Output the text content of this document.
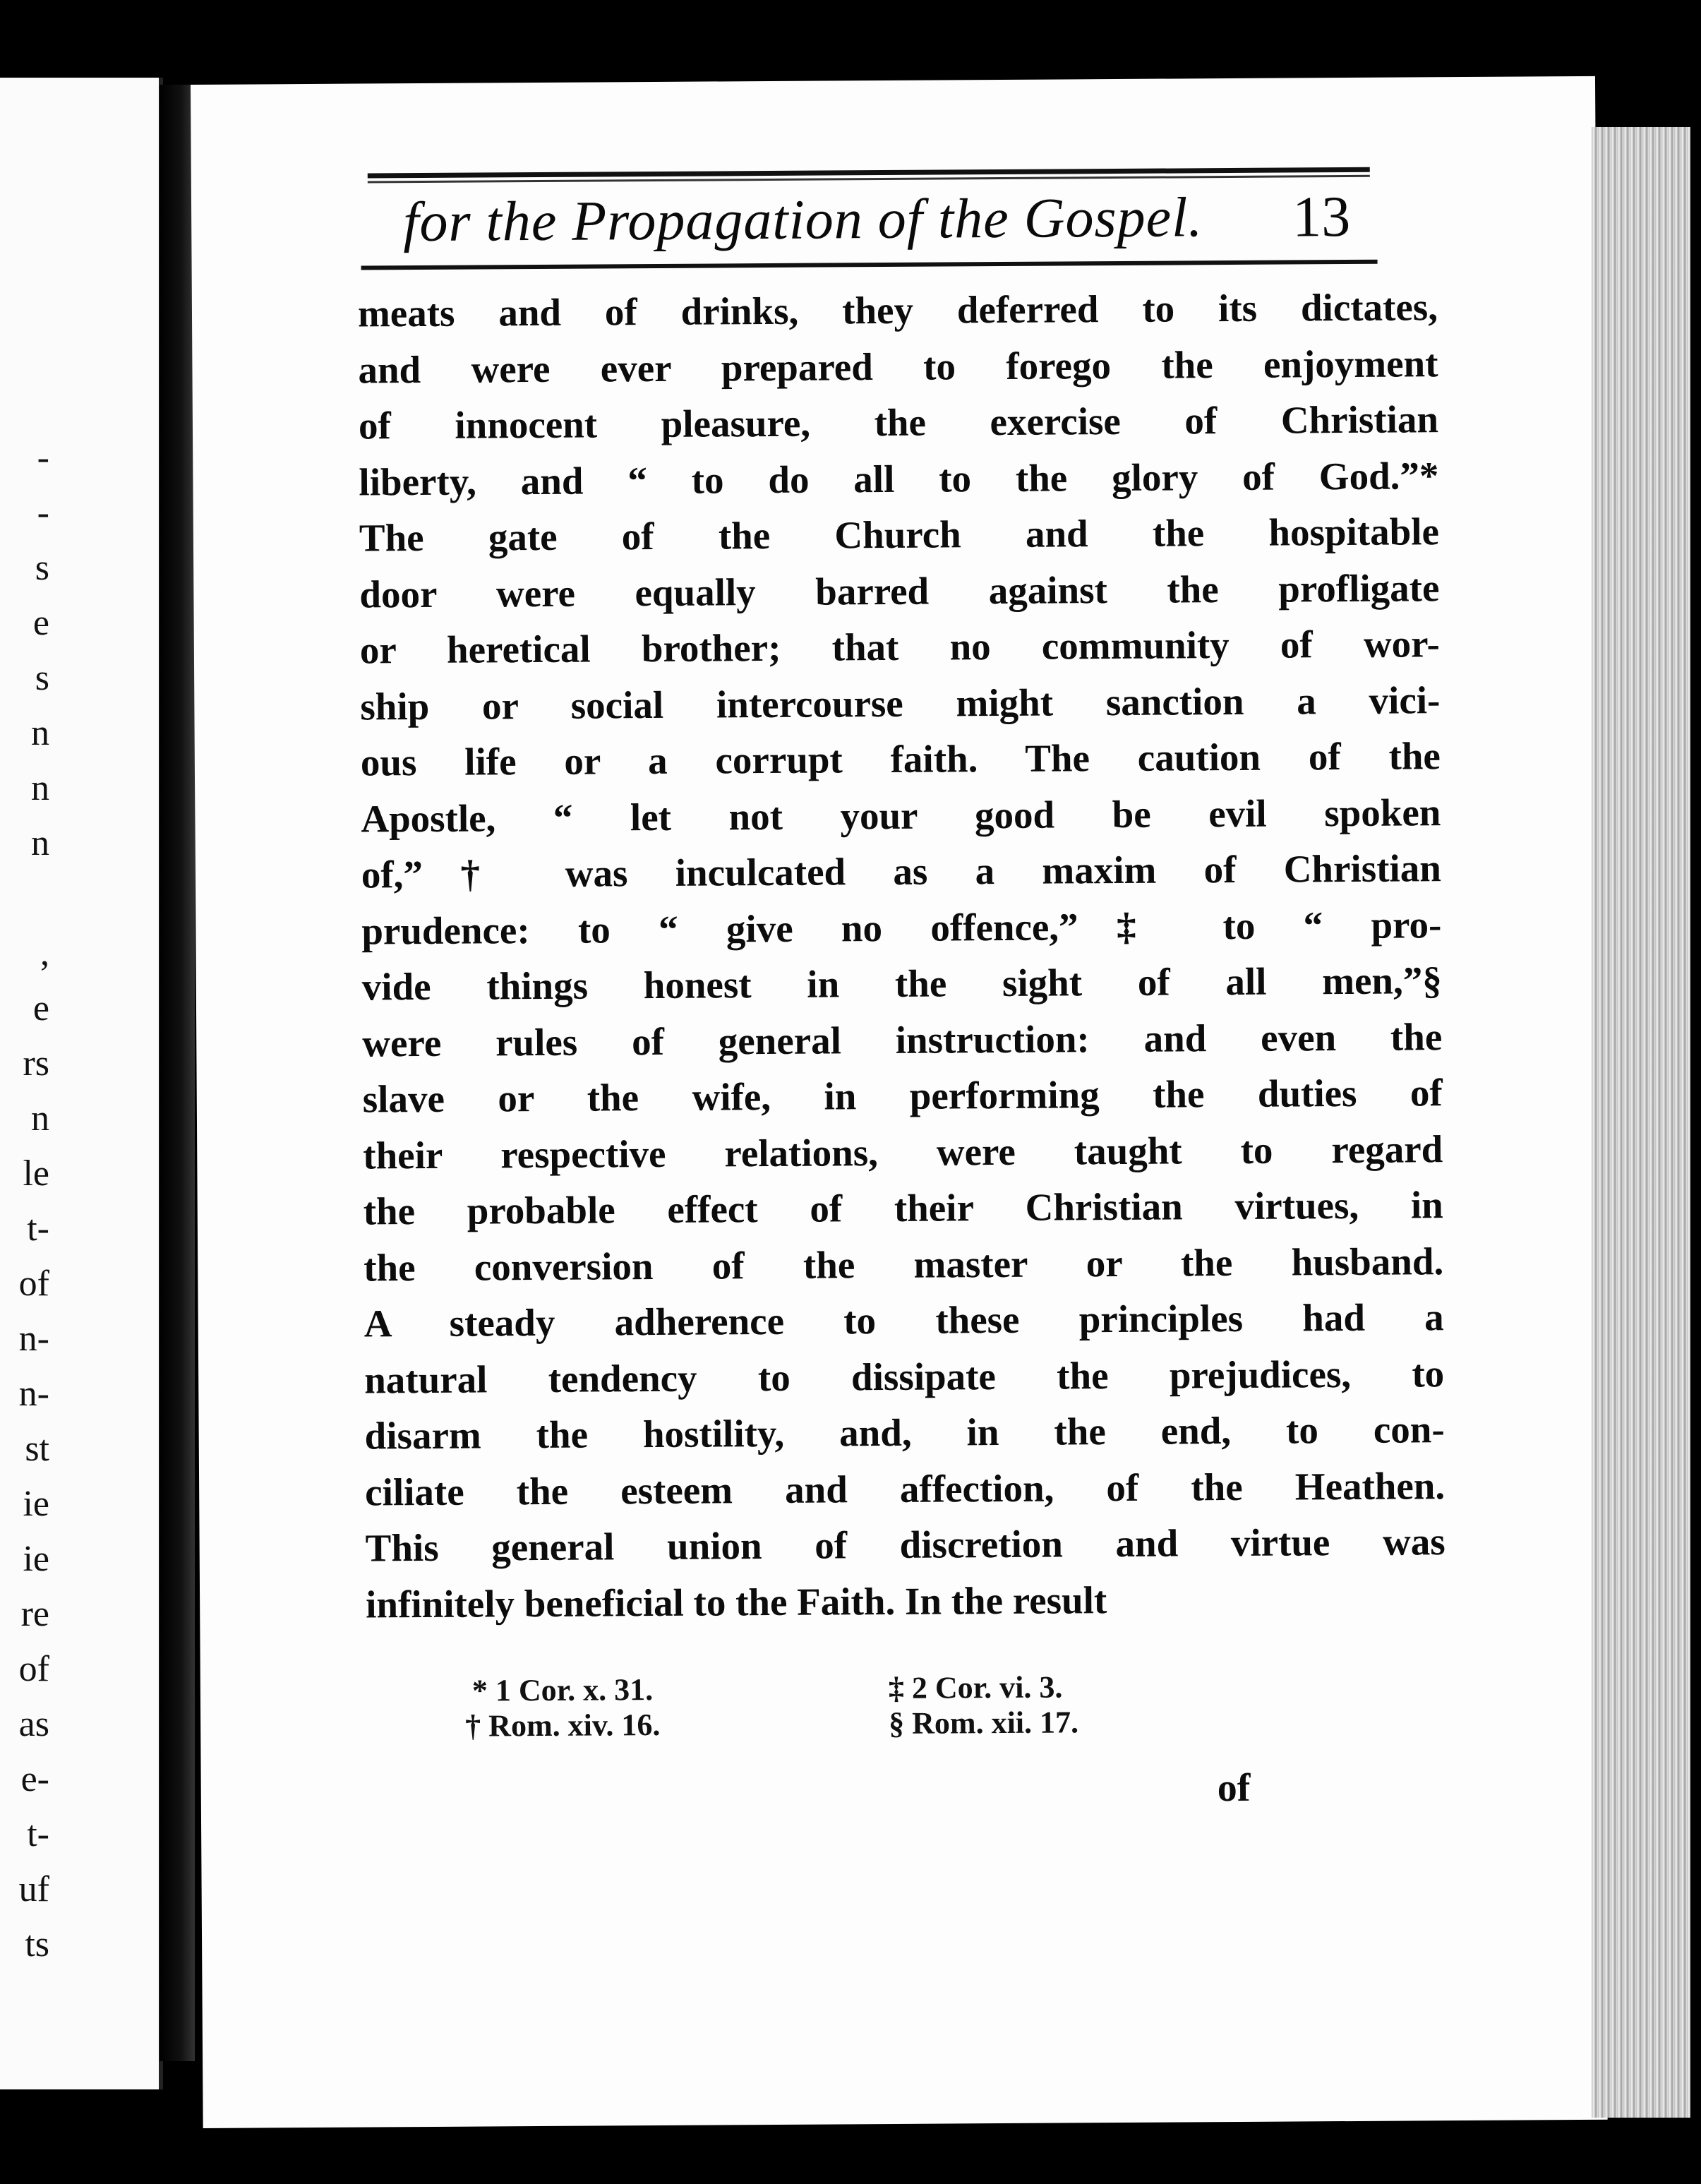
-
-
s
e
s
n
n
n
,
e
rs
n
le
t-
of
n-
n-
st
ie
ie
re
of
as
e-
t-
uf
ts
for the Propagation of the Gospel.	13
meats and of drinks, they deferred to its dictates,
and were ever prepared to forego the enjoyment
of innocent pleasure, the exercise of Christian
liberty, and “ to do all to the glory of God.”*
The gate of the Church and the hospitable
door were equally barred against the profligate
or heretical brother; that no community of wor-
ship or social intercourse might sanction a vici-
ous life or a corrupt faith. The caution of the
Apostle, “ let not your good be evil spoken
of,”† was inculcated as a maxim of Christian
prudence: to “ give no offence,”‡ to “ pro-
vide things honest in the sight of all men,”§
were rules of general instruction: and even the
slave or the wife, in performing the duties of
their respective relations, were taught to regard
the probable effect of their Christian virtues, in
the conversion of the master or the husband.
A steady adherence to these principles had a
natural tendency to dissipate the prejudices, to
disarm the hostility, and, in the end, to con-
ciliate the esteem and affection, of the Heathen.
This general union of discretion and virtue was
infinitely beneficial to the Faith. In the result
* 1 Cor. x. 31.
† Rom. xiv. 16.
‡ 2 Cor. vi. 3.
§ Rom. xii. 17.
of
